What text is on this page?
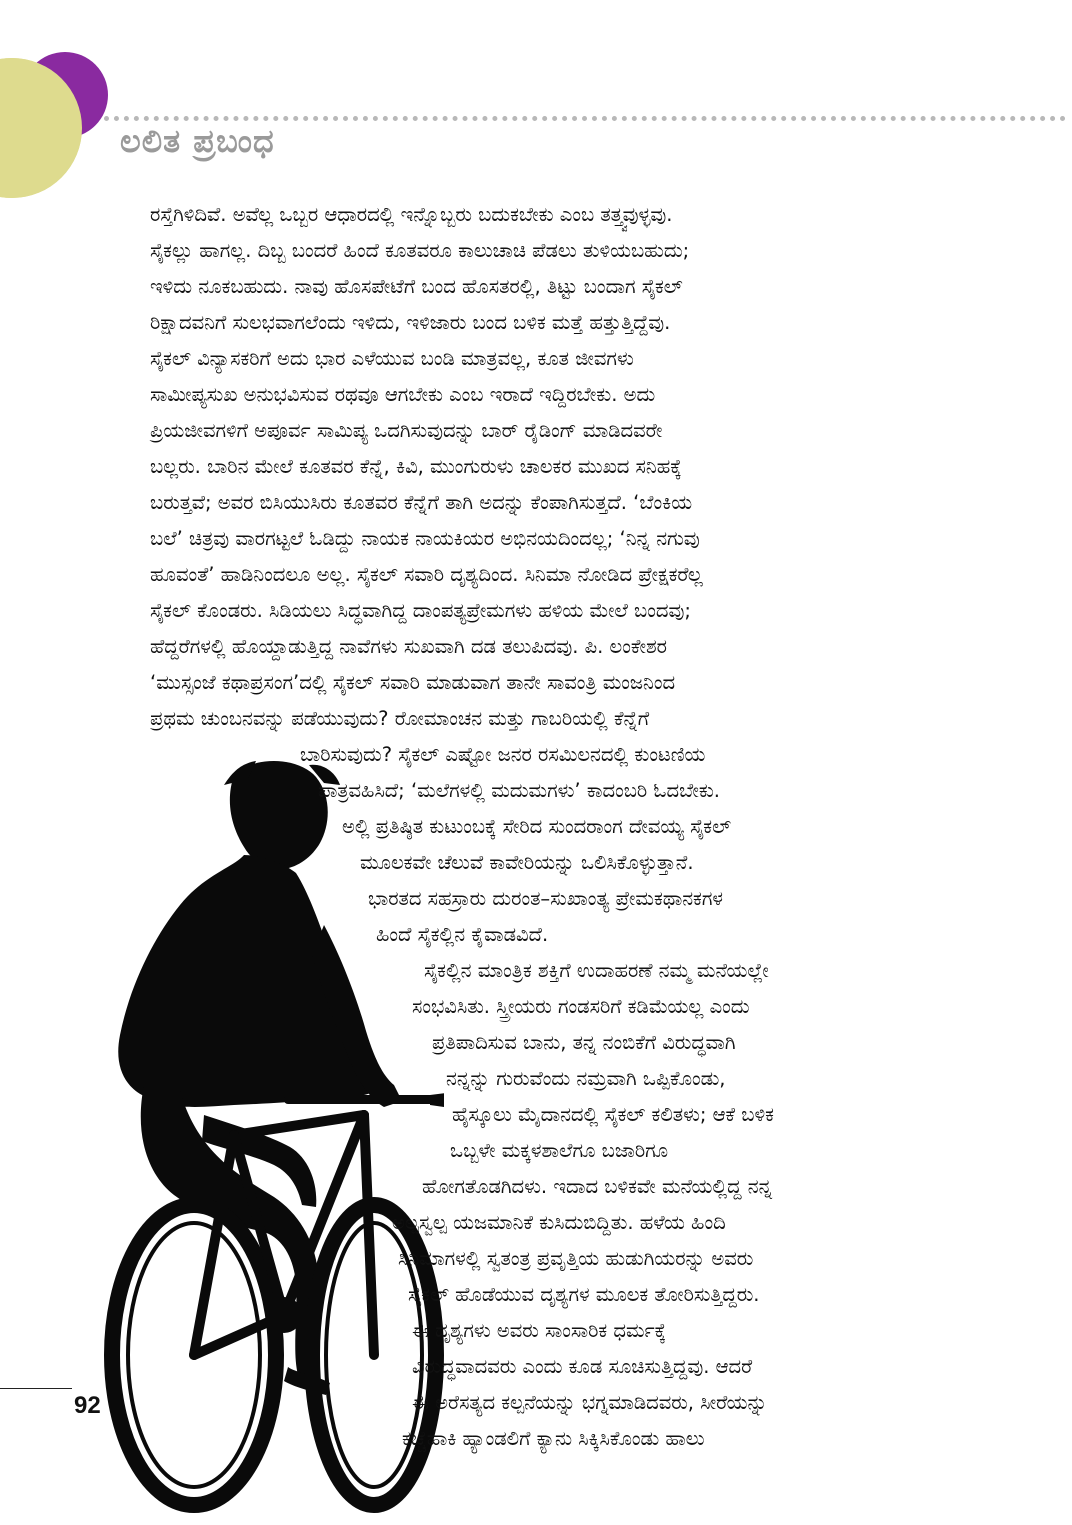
ಲಲಿತ ಪ್ರಬಂಧ
ರಸ್ತೆಗಿಳಿದಿವೆ. ಅವೆಲ್ಲ ಒಬ್ಬರ ಆಧಾರದಲ್ಲಿ ಇನ್ನೊಬ್ಬರು ಬದುಕಬೇಕು ಎಂಬ ತತ್ತ್ವವುಳ್ಳವು.
ಸೈಕಲ್ಲು ಹಾಗಲ್ಲ. ದಿಬ್ಬ ಬಂದರೆ ಹಿಂದೆ ಕೂತವರೂ ಕಾಲುಚಾಚಿ ಪೆಡಲು ತುಳಿಯಬಹುದು;
ಇಳಿದು ನೂಕಬಹುದು. ನಾವು ಹೊಸಪೇಟೆಗೆ ಬಂದ ಹೊಸತರಲ್ಲಿ, ತಿಟ್ಟು ಬಂದಾಗ ಸೈಕಲ್
ರಿಕ್ಷಾದವನಿಗೆ ಸುಲಭವಾಗಲೆಂದು ಇಳಿದು, ಇಳಿಜಾರು ಬಂದ ಬಳಿಕ ಮತ್ತೆ ಹತ್ತುತ್ತಿದ್ದೆವು.
ಸೈಕಲ್ ವಿನ್ಯಾಸಕರಿಗೆ ಅದು ಭಾರ ಎಳೆಯುವ ಬಂಡಿ ಮಾತ್ರವಲ್ಲ, ಕೂತ ಜೀವಗಳು
ಸಾಮೀಪ್ಯಸುಖ ಅನುಭವಿಸುವ ರಥವೂ ಆಗಬೇಕು ಎಂಬ ಇರಾದೆ ಇದ್ದಿರಬೇಕು. ಅದು
ಪ್ರಿಯಜೀವಗಳಿಗೆ ಅಪೂರ್ವ ಸಾಮಿಪ್ಯ ಒದಗಿಸುವುದನ್ನು ಬಾರ್ ರೈಡಿಂಗ್ ಮಾಡಿದವರೇ
ಬಲ್ಲರು. ಬಾರಿನ ಮೇಲೆ ಕೂತವರ ಕೆನ್ನೆ, ಕಿವಿ, ಮುಂಗುರುಳು ಚಾಲಕರ ಮುಖದ ಸನಿಹಕ್ಕೆ
ಬರುತ್ತವೆ; ಅವರ ಬಿಸಿಯುಸಿರು ಕೂತವರ ಕೆನ್ನೆಗೆ ತಾಗಿ ಅದನ್ನು ಕೆಂಪಾಗಿಸುತ್ತದೆ. ‘ಬೆಂಕಿಯ
ಬಲೆ’ ಚಿತ್ರವು ವಾರಗಟ್ಟಲೆ ಓಡಿದ್ದು ನಾಯಕ ನಾಯಕಿಯರ ಅಭಿನಯದಿಂದಲ್ಲ; ‘ನಿನ್ನ ನಗುವು
ಹೂವಂತೆ’ ಹಾಡಿನಿಂದಲೂ ಅಲ್ಲ. ಸೈಕಲ್ ಸವಾರಿ ದೃಶ್ಯದಿಂದ. ಸಿನಿಮಾ ನೋಡಿದ ಪ್ರೇಕ್ಷಕರೆಲ್ಲ
ಸೈಕಲ್ ಕೊಂಡರು. ಸಿಡಿಯಲು ಸಿದ್ಧವಾಗಿದ್ದ ದಾಂಪತ್ಯಪ್ರೇಮಗಳು ಹಳಿಯ ಮೇಲೆ ಬಂದವು;
ಹೆದ್ದರೆಗಳಲ್ಲಿ ಹೊಯ್ದಾಡುತ್ತಿದ್ದ ನಾವೆಗಳು ಸುಖವಾಗಿ ದಡ ತಲುಪಿದವು. ಪಿ. ಲಂಕೇಶರ
‘ಮುಸ್ಸಂಜೆ ಕಥಾಪ್ರಸಂಗ’ದಲ್ಲಿ ಸೈಕಲ್ ಸವಾರಿ ಮಾಡುವಾಗ ತಾನೇ ಸಾವಂತ್ರಿ ಮಂಜನಿಂದ
ಪ್ರಥಮ ಚುಂಬನವನ್ನು ಪಡೆಯುವುದು? ರೋಮಾಂಚನ ಮತ್ತು ಗಾಬರಿಯಲ್ಲಿ ಕೆನ್ನೆಗೆ
ಬಾರಿಸುವುದು? ಸೈಕಲ್ ಎಷ್ಟೋ ಜನರ ರಸಮಿಲನದಲ್ಲಿ ಕುಂಟಣಿಯ
ಪಾತ್ರವಹಿಸಿದೆ; ‘ಮಲೆಗಳಲ್ಲಿ ಮದುಮಗಳು’ ಕಾದಂಬರಿ ಓದಬೇಕು.
ಅಲ್ಲಿ ಪ್ರತಿಷ್ಠಿತ ಕುಟುಂಬಕ್ಕೆ ಸೇರಿದ ಸುಂದರಾಂಗ ದೇವಯ್ಯ ಸೈಕಲ್
ಮೂಲಕವೇ ಚೆಲುವೆ ಕಾವೇರಿಯನ್ನು ಒಲಿಸಿಕೊಳ್ಳುತ್ತಾನೆ.
ಭಾರತದ ಸಹಸ್ರಾರು ದುರಂತ–ಸುಖಾಂತ್ಯ ಪ್ರೇಮಕಥಾನಕಗಳ
ಹಿಂದೆ ಸೈಕಲ್ಲಿನ ಕೈವಾಡವಿದೆ.
ಸೈಕಲ್ಲಿನ ಮಾಂತ್ರಿಕ ಶಕ್ತಿಗೆ ಉದಾಹರಣೆ ನಮ್ಮ ಮನೆಯಲ್ಲೇ
ಸಂಭವಿಸಿತು. ಸ್ತ್ರೀಯರು ಗಂಡಸರಿಗೆ ಕಡಿಮೆಯಲ್ಲ ಎಂದು
ಪ್ರತಿಪಾದಿಸುವ ಬಾನು, ತನ್ನ ನಂಬಿಕೆಗೆ ವಿರುದ್ಧವಾಗಿ
ನನ್ನನ್ನು ಗುರುವೆಂದು ನಮ್ರವಾಗಿ ಒಪ್ಪಿಕೊಂಡು,
ಹೈಸ್ಕೂಲು ಮೈದಾನದಲ್ಲಿ ಸೈಕಲ್ ಕಲಿತಳು; ಆಕೆ ಬಳಿಕ
ಒಬ್ಬಳೇ ಮಕ್ಕಳಶಾಲೆಗೂ ಬಜಾರಿಗೂ
ಹೋಗತೊಡಗಿದಳು. ಇದಾದ ಬಳಿಕವೇ ಮನೆಯಲ್ಲಿದ್ದ ನನ್ನ
ಅಲ್ಪಸ್ವಲ್ಪ ಯಜಮಾನಿಕೆ ಕುಸಿದುಬಿದ್ದಿತು. ಹಳೆಯ ಹಿಂದಿ
ಸಿನಿಮಾಗಳಲ್ಲಿ ಸ್ವತಂತ್ರ ಪ್ರವೃತ್ತಿಯ ಹುಡುಗಿಯರನ್ನು ಅವರು
ಸೈಕಲ್ ಹೊಡೆಯುವ ದೃಶ್ಯಗಳ ಮೂಲಕ ತೋರಿಸುತ್ತಿದ್ದರು.
ಈ ದೃಶ್ಯಗಳು ಅವರು ಸಾಂಸಾರಿಕ ಧರ್ಮಕ್ಕೆ
ವಿರುದ್ಧವಾದವರು ಎಂದು ಕೂಡ ಸೂಚಿಸುತ್ತಿದ್ದವು. ಆದರೆ
ಈ ಅರೆಸತ್ಯದ ಕಲ್ಪನೆಯನ್ನು ಭಗ್ನಮಾಡಿದವರು, ಸೀರೆಯನ್ನು
ಕಚ್ಚೆಹಾಕಿ ಹ್ಯಾಂಡಲಿಗೆ ಕ್ಯಾನು ಸಿಕ್ಕಿಸಿಕೊಂಡು ಹಾಲು
92
